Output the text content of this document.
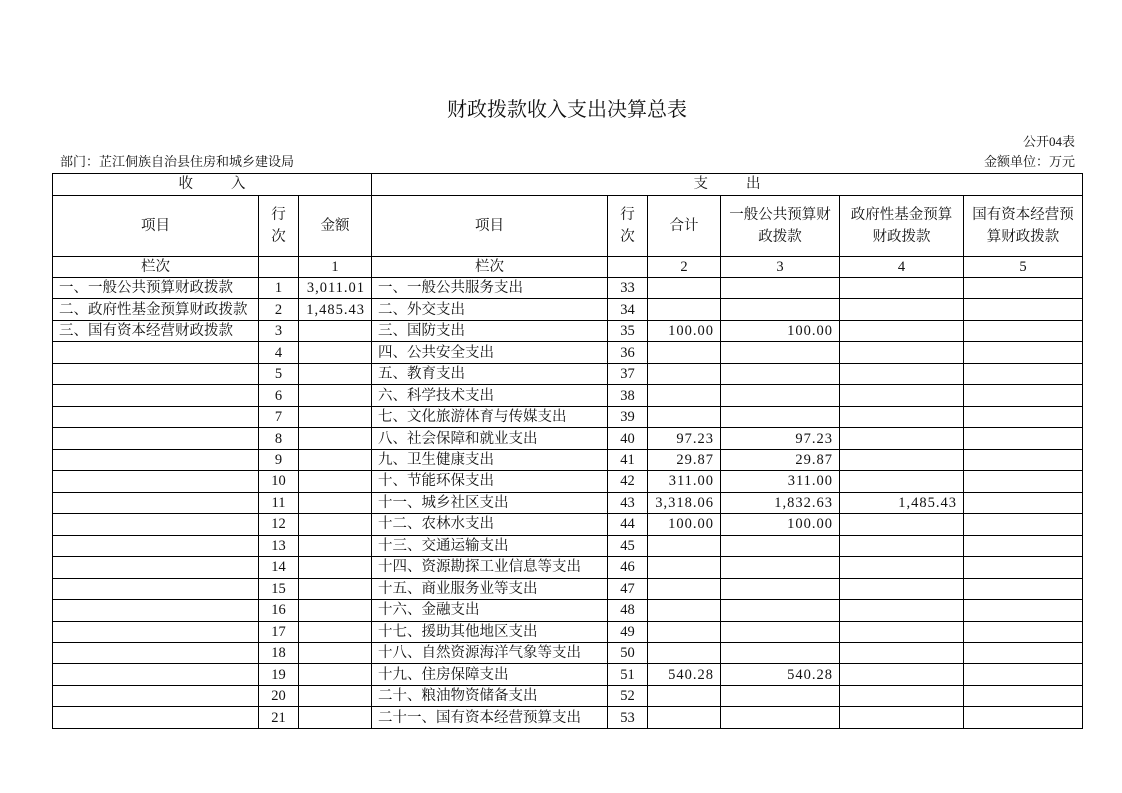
财政拨款收入支出决算总表
公开04表
部门：芷江侗族自治县住房和城乡建设局	金额单位：万元
收　　入			支　　出					
项目	行次	金额	项目	行次	合计	一般公共预算财政拨款	政府性基金预算财政拨款	国有资本经营预算财政拨款
栏次		1	栏次		2	3	4	5
一、一般公共预算财政拨款	1	3,011.01	一、一般公共服务支出	33				
二、政府性基金预算财政拨款	2	1,485.43	二、外交支出	34				
三、国有资本经营财政拨款	3		三、国防支出	35	100.00	100.00		
	4		四、公共安全支出	36				
	5		五、教育支出	37				
	6		六、科学技术支出	38				
	7		七、文化旅游体育与传媒支出	39				
	8		八、社会保障和就业支出	40	97.23	97.23		
	9		九、卫生健康支出	41	29.87	29.87		
	10		十、节能环保支出	42	311.00	311.00		
	11		十一、城乡社区支出	43	3,318.06	1,832.63	1,485.43	
	12		十二、农林水支出	44	100.00	100.00		
	13		十三、交通运输支出	45				
	14		十四、资源勘探工业信息等支出	46				
	15		十五、商业服务业等支出	47				
	16		十六、金融支出	48				
	17		十七、援助其他地区支出	49				
	18		十八、自然资源海洋气象等支出	50				
	19		十九、住房保障支出	51	540.28	540.28		
	20		二十、粮油物资储备支出	52				
	21		二十一、国有资本经营预算支出	53				
